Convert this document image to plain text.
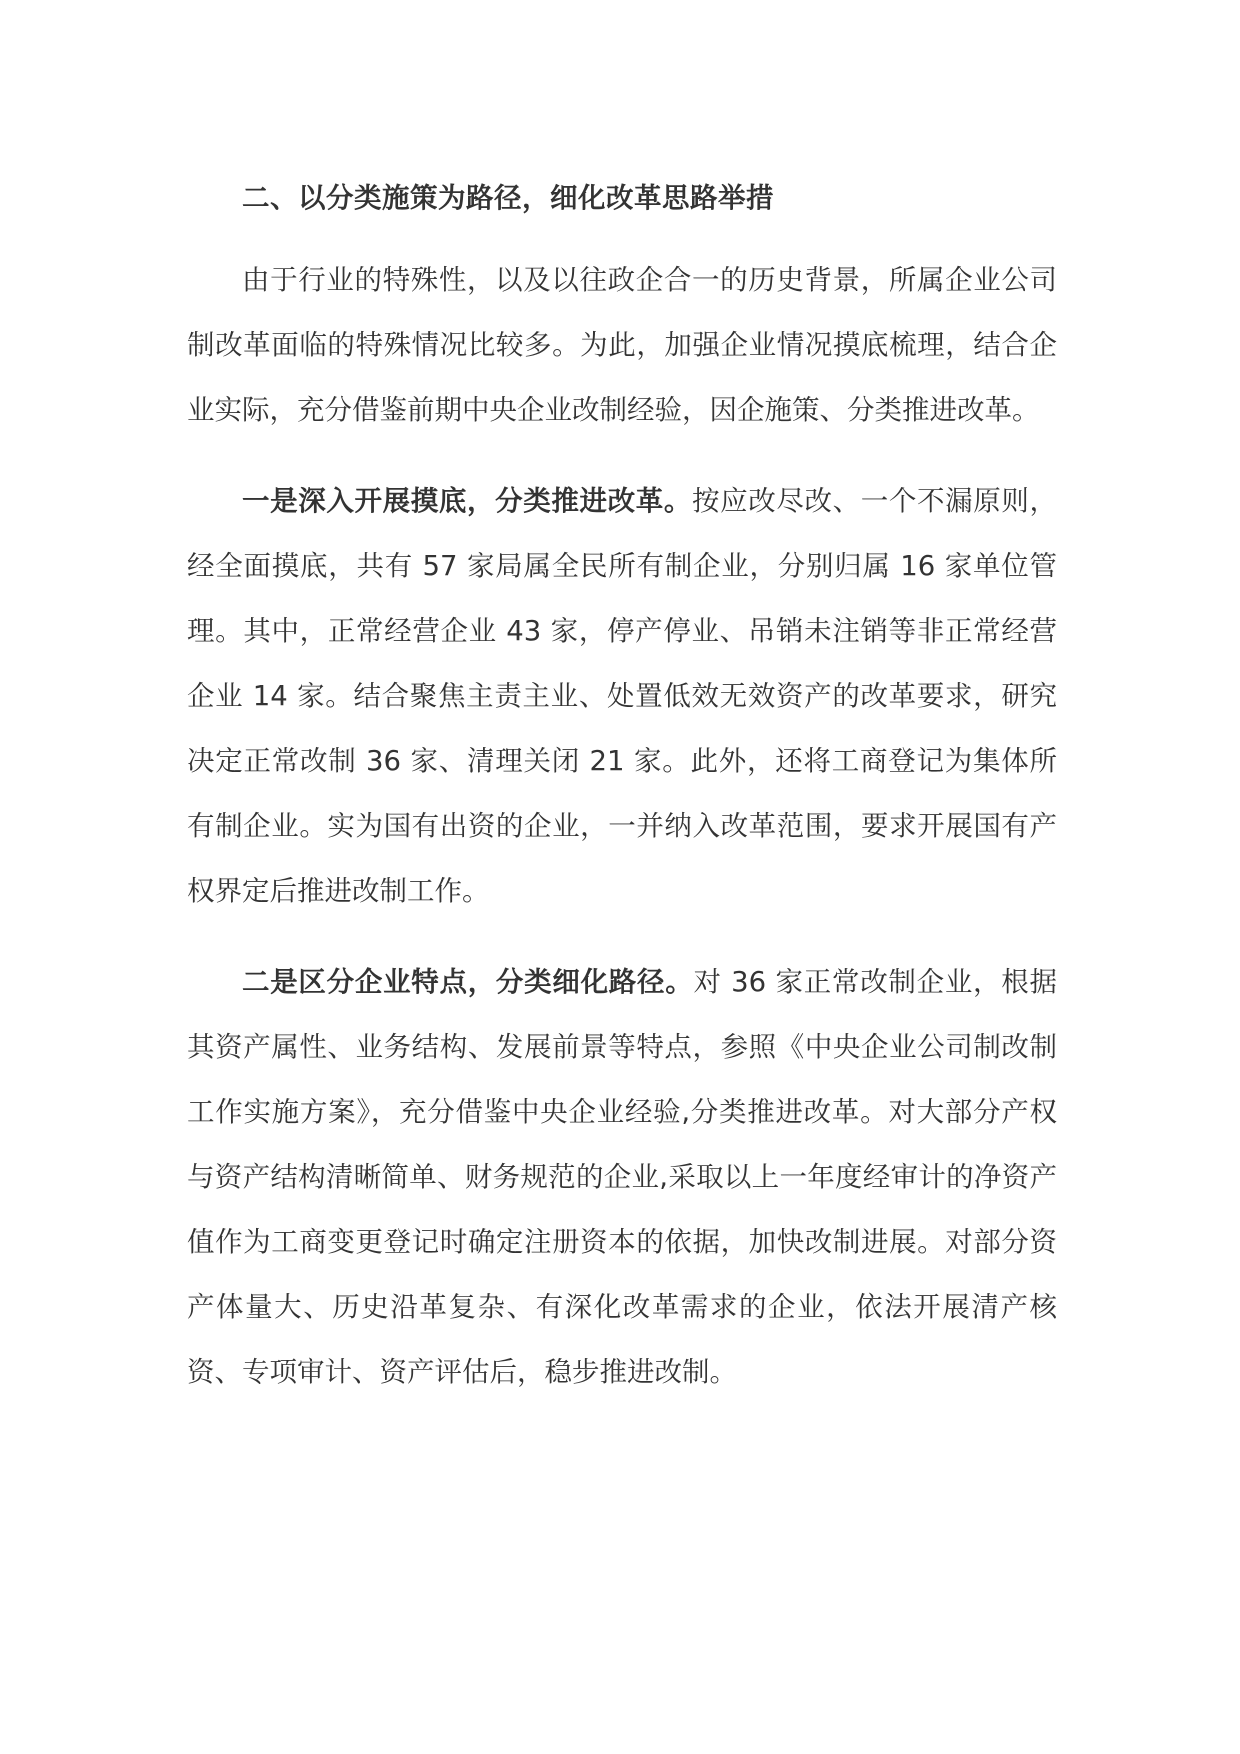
二、以分类施策为路径，细化改革思路举措

由于行业的特殊性，以及以往政企合一的历史背景，所属企业公司制改革面临的特殊情况比较多。为此，加强企业情况摸底梳理，结合企业实际，充分借鉴前期中央企业改制经验，因企施策、分类推进改革。

一是深入开展摸底，分类推进改革。按应改尽改、一个不漏原则，经全面摸底，共有 57 家局属全民所有制企业，分别归属 16 家单位管理。其中，正常经营企业 43 家，停产停业、吊销未注销等非正常经营企业 14 家。结合聚焦主责主业、处置低效无效资产的改革要求，研究决定正常改制 36 家、清理关闭 21 家。此外，还将工商登记为集体所有制企业。实为国有出资的企业，一并纳入改革范围，要求开展国有产权界定后推进改制工作。

二是区分企业特点，分类细化路径。对 36 家正常改制企业，根据其资产属性、业务结构、发展前景等特点，参照《中央企业公司制改制工作实施方案》，充分借鉴中央企业经验,分类推进改革。对大部分产权与资产结构清晰简单、财务规范的企业,采取以上一年度经审计的净资产值作为工商变更登记时确定注册资本的依据，加快改制进展。对部分资产体量大、历史沿革复杂、有深化改革需求的企业，依法开展清产核资、专项审计、资产评估后，稳步推进改制。
